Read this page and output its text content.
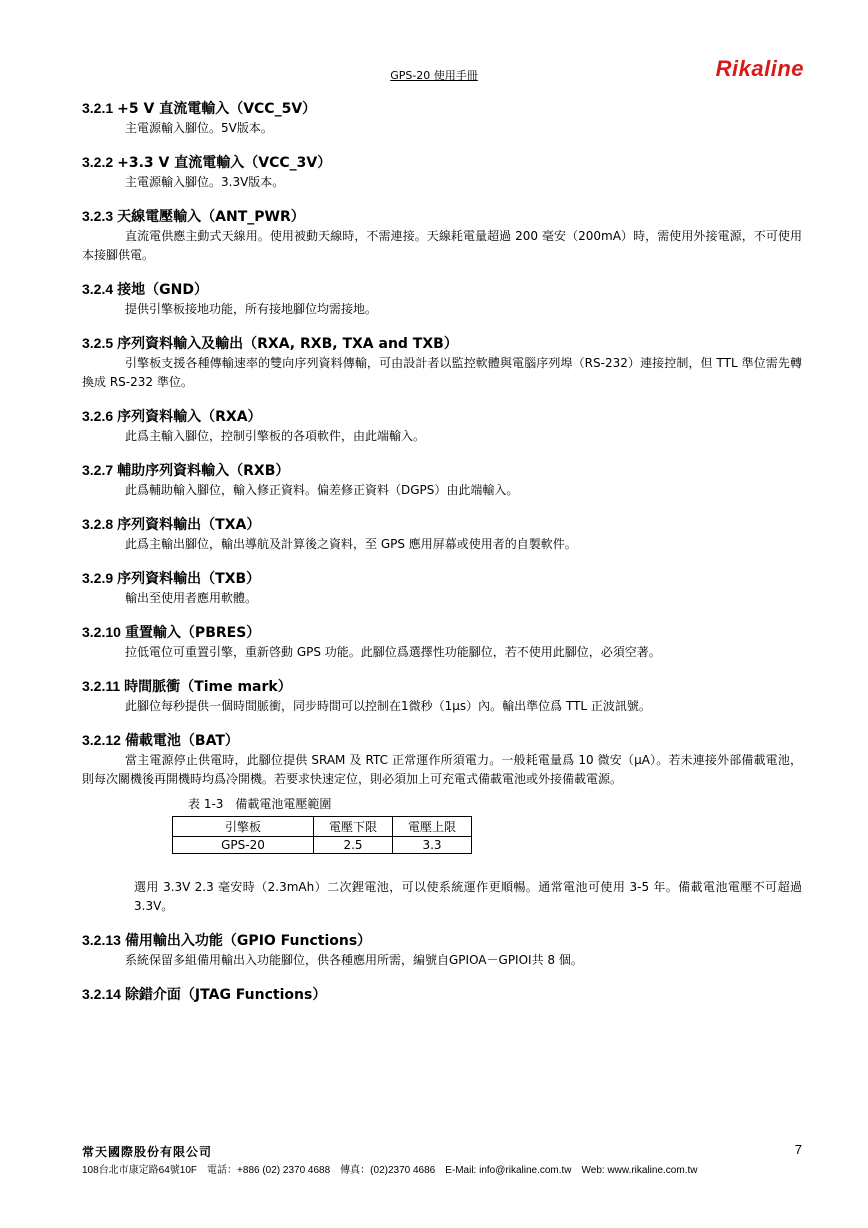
GPS-20 使用手冊	Rikaline
3.2.1 +5 V 直流電輸入（VCC_5V）
主電源輸入腳位。5V版本。
3.2.2 +3.3 V 直流電輸入（VCC_3V）
主電源輸入腳位。3.3V版本。
3.2.3 天線電壓輸入（ANT_PWR）
直流電供應主動式天線用。使用被動天線時，不需連接。天線耗電量超過 200 毫安（200mA）時，需使用外接電源，不可使用本接腳供電。
3.2.4 接地（GND）
提供引擎板接地功能，所有接地腳位均需接地。
3.2.5 序列資料輸入及輸出（RXA, RXB, TXA and TXB）
引擎板支援各種傳輸速率的雙向序列資料傳輸，可由設計者以監控軟體與電腦序列埠（RS-232）連接控制，但 TTL 準位需先轉換成 RS-232 準位。
3.2.6 序列資料輸入（RXA）
此爲主輸入腳位，控制引擎板的各項軟件，由此端輸入。
3.2.7 輔助序列資料輸入（RXB）
此爲輔助輸入腳位，輸入修正資料。偏差修正資料（DGPS）由此端輸入。
3.2.8 序列資料輸出（TXA）
此爲主輸出腳位，輸出導航及計算後之資料，至 GPS 應用屏幕或使用者的自製軟件。
3.2.9 序列資料輸出（TXB）
輸出至使用者應用軟體。
3.2.10 重置輸入（PBRES）
拉低電位可重置引擎，重新啓動 GPS 功能。此腳位爲選擇性功能腳位，若不使用此腳位，必須空著。
3.2.11 時間脈衝（Time mark）
此腳位每秒提供一個時間脈衝，同步時間可以控制在1微秒（1μs）內。輸出準位爲 TTL 正波訊號。
3.2.12 備載電池（BAT）
當主電源停止供電時，此腳位提供 SRAM 及 RTC 正常運作所須電力。一般耗電量爲 10 微安（μA）。若未連接外部備載電池，則每次關機後再開機時均爲冷開機。若要求快速定位，則必須加上可充電式備載電池或外接備載電源。
表 1-3　備載電池電壓範圍
引擎板	電壓下限	電壓上限
GPS-20	2.5	3.3
選用 3.3V 2.3 毫安時（2.3mAh）二次鋰電池，可以使系統運作更順暢。通常電池可使用 3-5 年。備載電池電壓不可超過 3.3V。
3.2.13 備用輸出入功能（GPIO Functions）
系統保留多組備用輸出入功能腳位，供各種應用所需，編號自GPIOA－GPIOI共 8 個。
3.2.14 除錯介面（JTAG Functions）
常天國際股份有限公司
108台北市康定路64號10F　電話：+886 (02) 2370 4688　傳真：(02)2370 4686　E-Mail: info@rikaline.com.tw　Web: www.rikaline.com.tw
7
